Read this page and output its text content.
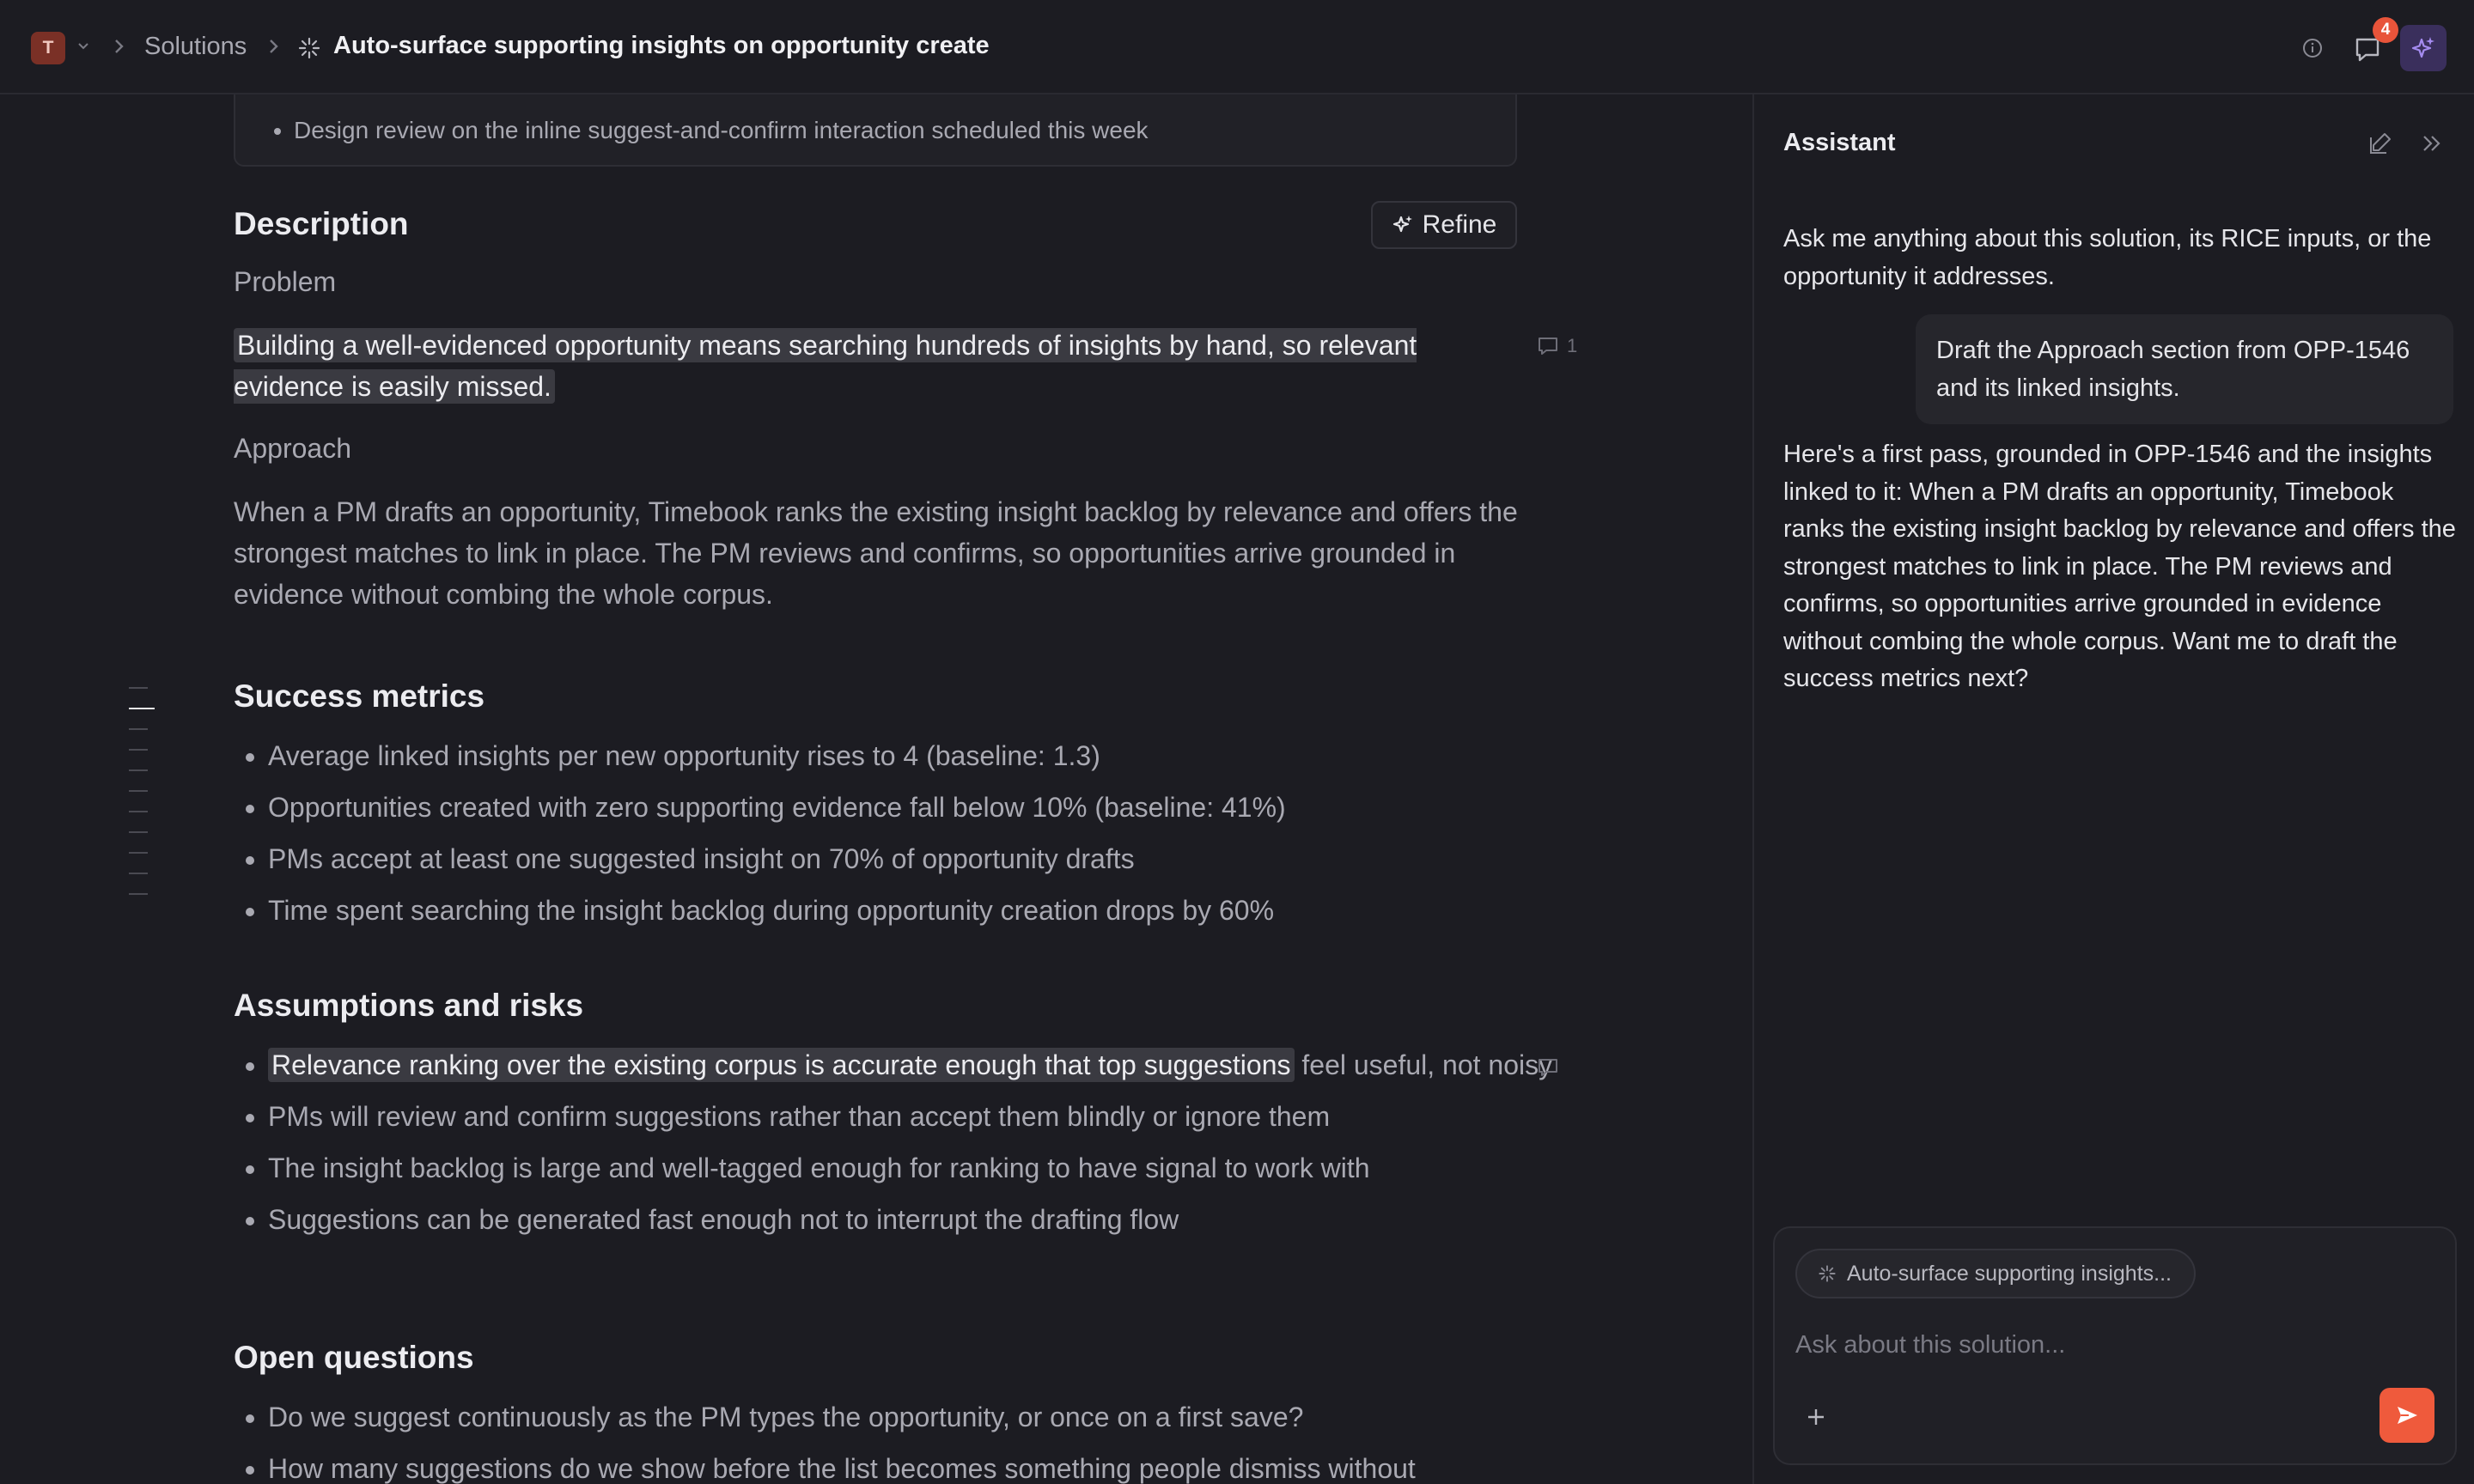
T	Solutions	Auto-surface supporting insights on opportunity create
4
• Design review on the inline suggest-and-confirm interaction scheduled this week
Description	Refine
Problem
Building a well-evidenced opportunity means searching hundreds of insights by hand, so relevant evidence is easily missed.
1
Approach
When a PM drafts an opportunity, Timebook ranks the existing insight backlog by relevance and offers the strongest matches to link in place. The PM reviews and confirms, so opportunities arrive grounded in evidence without combing the whole corpus.
Success metrics
• Average linked insights per new opportunity rises to 4 (baseline: 1.3)
• Opportunities created with zero supporting evidence fall below 10% (baseline: 41%)
• PMs accept at least one suggested insight on 70% of opportunity drafts
• Time spent searching the insight backlog during opportunity creation drops by 60%
Assumptions and risks
• Relevance ranking over the existing corpus is accurate enough that top suggestions feel useful, not noisy
• PMs will review and confirm suggestions rather than accept them blindly or ignore them
• The insight backlog is large and well-tagged enough for ranking to have signal to work with
• Suggestions can be generated fast enough not to interrupt the drafting flow
Open questions
• Do we suggest continuously as the PM types the opportunity, or once on a first save?
• How many suggestions do we show before the list becomes something people dismiss without
Assistant
Ask me anything about this solution, its RICE inputs, or the opportunity it addresses.
Draft the Approach section from OPP-1546 and its linked insights.
Here's a first pass, grounded in OPP-1546 and the insights linked to it: When a PM drafts an opportunity, Timebook ranks the existing insight backlog by relevance and offers the strongest matches to link in place. The PM reviews and confirms, so opportunities arrive grounded in evidence without combing the whole corpus. Want me to draft the success metrics next?
Auto-surface supporting insights...
Ask about this solution...
